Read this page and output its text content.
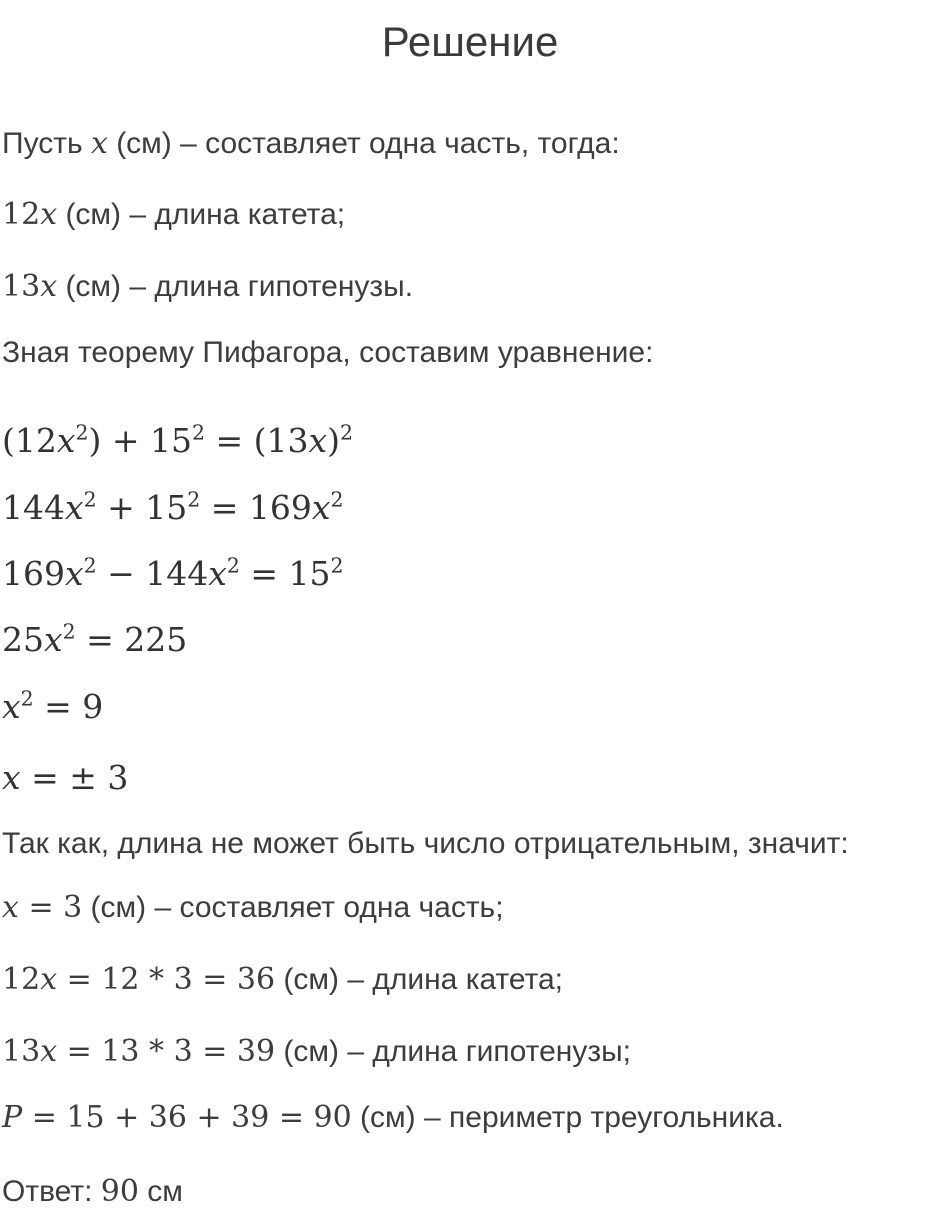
Решение
Пусть x (см) – составляет одна часть, тогда:
12x (см) – длина катета;
13x (см) – длина гипотенузы.
Зная теорему Пифагора, составим уравнение:
$(12x^2) + 15^2 = (13x)^2$
$144x^2 + 15^2 = 169x^2$
$169x^2 - 144x^2 = 15^2$
$25x^2 = 225$
$x^2 = 9$
x = ± 3
Так как, длина не может быть число отрицательным, значит:
x = 3 (см) – составляет одна часть;
12x = 12 * 3 = 36 (см) – длина катета;
13x = 13 * 3 = 39 (см) – длина гипотенузы;
P = 15 + 36 + 39 = 90 (см) – периметр треугольника.
Ответ: 90 см
